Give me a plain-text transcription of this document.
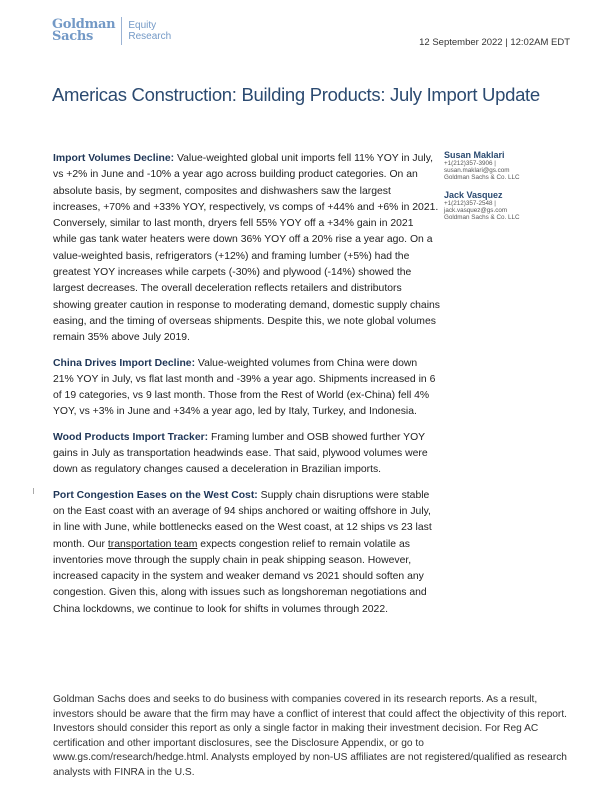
Goldman
Sachs
Equity
Research
12 September 2022 | 12:02AM EDT
Americas Construction: Building Products: July Import Update

Import Volumes Decline: Value-weighted global unit imports fell 11% YOY in July, vs +2% in June and -10% a year ago across building product categories. On an absolute basis, by segment, composites and dishwashers saw the largest increases, +70% and +33% YOY, respectively, vs comps of +44% and +6% in 2021. Conversely, similar to last month, dryers fell 55% YOY off a +34% gain in 2021 while gas tank water heaters were down 36% YOY off a 20% rise a year ago. On a value-weighted basis, refrigerators (+12%) and framing lumber (+5%) had the greatest YOY increases while carpets (-30%) and plywood (-14%) showed the largest decreases. The overall deceleration reflects retailers and distributors showing greater caution in response to moderating demand, domestic supply chains easing, and the timing of overseas shipments. Despite this, we note global volumes remain 35% above July 2019.

China Drives Import Decline: Value-weighted volumes from China were down 21% YOY in July, vs flat last month and -39% a year ago. Shipments increased in 6 of 19 categories, vs 9 last month. Those from the Rest of World (ex-China) fell 4% YOY, vs +3% in June and +34% a year ago, led by Italy, Turkey, and Indonesia.

Wood Products Import Tracker: Framing lumber and OSB showed further YOY gains in July as transportation headwinds ease. That said, plywood volumes were down as regulatory changes caused a deceleration in Brazilian imports.

Port Congestion Eases on the West Cost: Supply chain disruptions were stable on the East coast with an average of 94 ships anchored or waiting offshore in July, in line with June, while bottlenecks eased on the West coast, at 12 ships vs 23 last month. Our transportation team expects congestion relief to remain volatile as inventories move through the supply chain in peak shipping season. However, increased capacity in the system and weaker demand vs 2021 should soften any congestion. Given this, along with issues such as longshoreman negotiations and China lockdowns, we continue to look for shifts in volumes through 2022.

Susan Maklari
+1(212)357-3906 |
susan.maklari@gs.com
Goldman Sachs & Co. LLC
Jack Vasquez
+1(212)357-2548 |
jack.vasquez@gs.com
Goldman Sachs & Co. LLC
Goldman Sachs does and seeks to do business with companies covered in its research reports. As a result, investors should be aware that the firm may have a conflict of interest that could affect the objectivity of this report. Investors should consider this report as only a single factor in making their investment decision. For Reg AC certification and other important disclosures, see the Disclosure Appendix, or go to www.gs.com/research/hedge.html. Analysts employed by non-US affiliates are not registered/qualified as research analysts with FINRA in the U.S.
